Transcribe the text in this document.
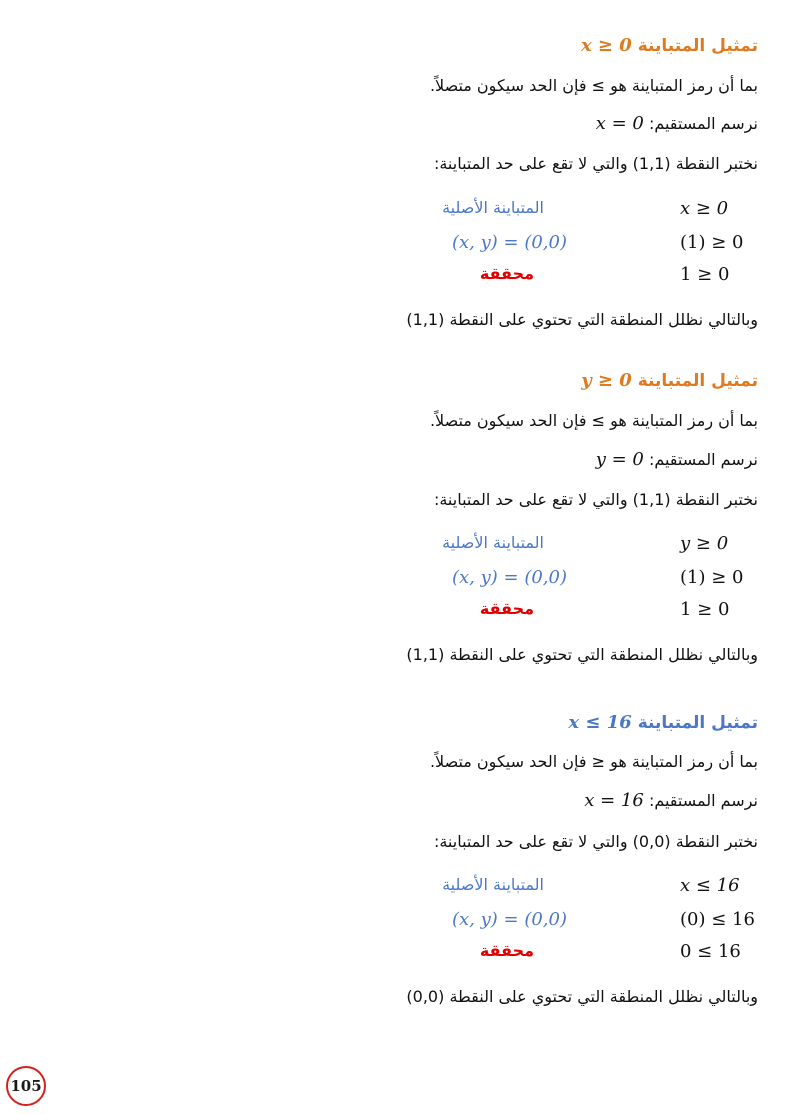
تمثيل المتباينة x ≥ 0
بما أن رمز المتباينة هو ≥ فإن الحد سيكون متصلاً.
نرسم المستقيم: x = 0
نختبر النقطة (1,1) والتي لا تقع على حد المتباينة:
x ≥ 0
المتباينة الأصلية
(1) ≥ 0
(x, y) = (0,0)
1 ≥ 0
محققة
وبالتالي نظلل المنطقة التي تحتوي على النقطة (1,1)
تمثيل المتباينة y ≥ 0
بما أن رمز المتباينة هو ≥ فإن الحد سيكون متصلاً.
نرسم المستقيم: y = 0
نختبر النقطة (1,1) والتي لا تقع على حد المتباينة:
y ≥ 0
المتباينة الأصلية
(1) ≥ 0
(x, y) = (0,0)
1 ≥ 0
محققة
وبالتالي نظلل المنطقة التي تحتوي على النقطة (1,1)
تمثيل المتباينة x ≤ 16
بما أن رمز المتباينة هو ≤ فإن الحد سيكون متصلاً.
نرسم المستقيم: x = 16
نختبر النقطة (0,0) والتي لا تقع على حد المتباينة:
x ≤ 16
المتباينة الأصلية
(0) ≤ 16
(x, y) = (0,0)
0 ≤ 16
محققة
وبالتالي نظلل المنطقة التي تحتوي على النقطة (0,0)
105
